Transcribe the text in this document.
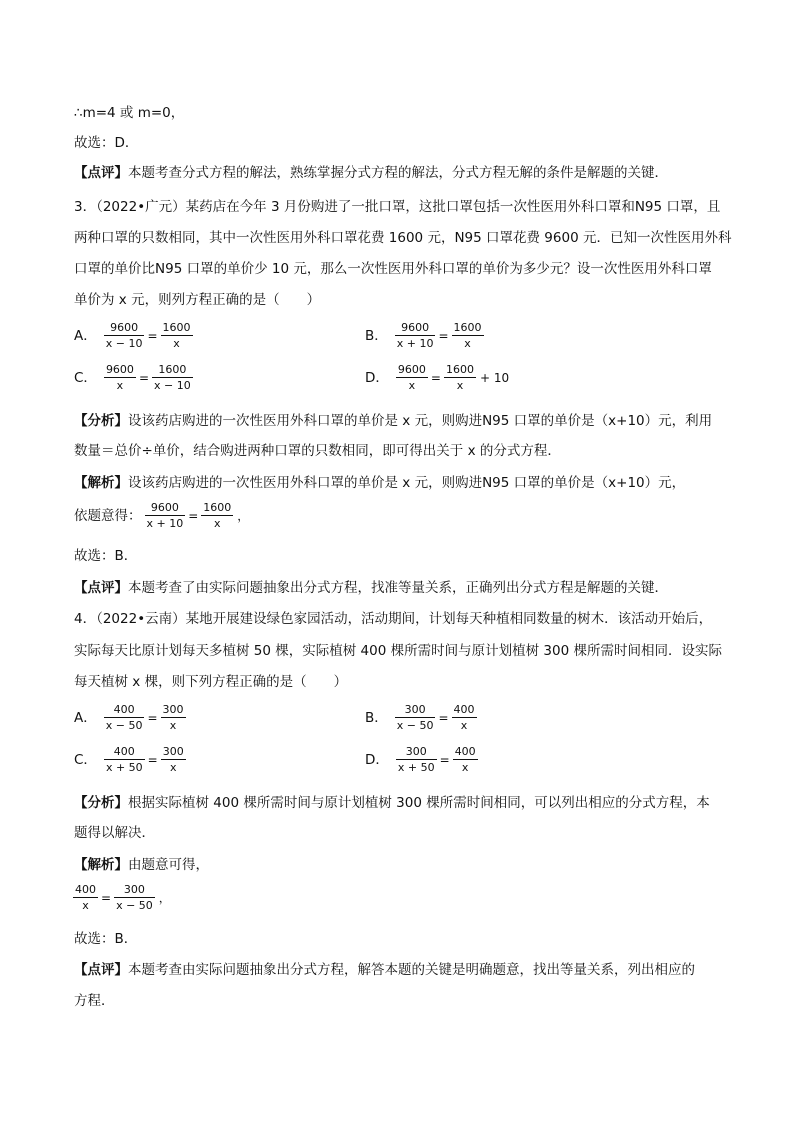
∴m=4 或 m=0，
故选：D．
【点评】本题考查分式方程的解法，熟练掌握分式方程的解法，分式方程无解的条件是解题的关键．
3．（2022•广元）某药店在今年 3 月份购进了一批口罩，这批口罩包括一次性医用外科口罩和N95 口罩，且
两种口罩的只数相同，其中一次性医用外科口罩花费 1600 元，N95 口罩花费 9600 元．已知一次性医用外科
口罩的单价比N95 口罩的单价少 10 元，那么一次性医用外科口罩的单价为多少元？设一次性医用外科口罩
单价为 x 元，则列方程正确的是（　　）
A． $\frac{9600}{x - 10} = \frac{1600}{x}$	B． $\frac{9600}{x + 10} = \frac{1600}{x}$
C． $\frac{9600}{x} = \frac{1600}{x - 10}$	D． $\frac{9600}{x} = \frac{1600}{x} + 10$
【分析】设该药店购进的一次性医用外科口罩的单价是 x 元，则购进N95 口罩的单价是（x+10）元，利用
数量＝总价÷单价，结合购进两种口罩的只数相同，即可得出关于 x 的分式方程．
【解析】设该药店购进的一次性医用外科口罩的单价是 x 元，则购进N95 口罩的单价是（x+10）元，
依题意得： $\frac{9600}{x + 10} = \frac{1600}{x}$ ，
故选：B．
【点评】本题考查了由实际问题抽象出分式方程，找准等量关系，正确列出分式方程是解题的关键．
4．（2022•云南）某地开展建设绿色家园活动，活动期间，计划每天种植相同数量的树木．该活动开始后，
实际每天比原计划每天多植树 50 棵，实际植树 400 棵所需时间与原计划植树 300 棵所需时间相同．设实际
每天植树 x 棵，则下列方程正确的是（　　）
A． $\frac{400}{x - 50} = \frac{300}{x}$	B． $\frac{300}{x - 50} = \frac{400}{x}$
C． $\frac{400}{x + 50} = \frac{300}{x}$	D． $\frac{300}{x + 50} = \frac{400}{x}$
【分析】根据实际植树 400 棵所需时间与原计划植树 300 棵所需时间相同，可以列出相应的分式方程，本
题得以解决．
【解析】由题意可得，
$\frac{400}{x} = \frac{300}{x - 50}$ ，
故选：B．
【点评】本题考查由实际问题抽象出分式方程，解答本题的关键是明确题意，找出等量关系，列出相应的
方程．
